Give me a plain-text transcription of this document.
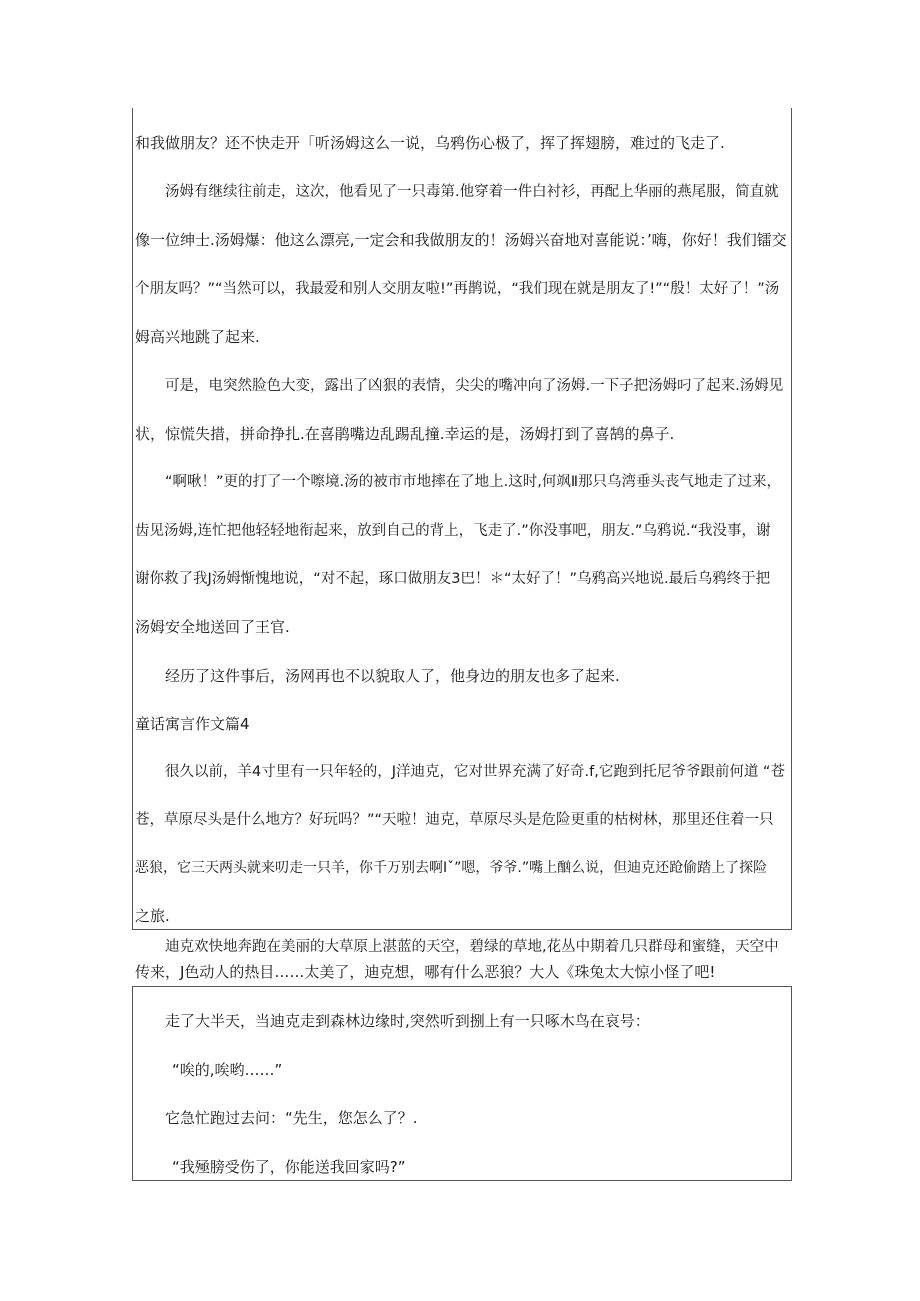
和我做朋友？还不快走开「听汤姆这么一说，乌鸦伤心极了，挥了挥翅膀，难过的飞走了.
汤姆有继续往前走，这次，他看见了一只毒第.他穿着一件白衬衫，再配上华丽的燕尾服，简直就
像一位绅士.汤姆爆：他这么漂亮,一定会和我做朋友的！汤姆兴奋地对喜能说：’嗨，你好！我们镭交
个朋友吗？”“当然可以，我最爱和别人交朋友啦!”再鹊说，“我们现在就是朋友了!”“殷！太好了！”汤
姆高兴地跳了起来.
可是，电突然脸色大变，露出了凶狠的表情，尖尖的嘴冲向了汤姆.一下子把汤姆叼了起来.汤姆见
状，惊慌失措，拼命挣扎.在喜鹃嘴边乱踢乱撞.幸运的是，汤姆打到了喜鹄的鼻子.
“啊啾！”更的打了一个嚓境.汤的被市市地摔在了地上.这时,何飒Ⅱ那只乌湾垂头丧气地走了过来，
齿见汤姆,连忙把他轻轻地衔起来，放到自己的背上，飞走了.”你没事吧，朋友.”乌鸦说.“我没事，谢
谢你救了我J汤姆惭愧地说，“对不起，琢口做朋友3巴！＊“太好了！”乌鸦高兴地说.最后乌鸦终于把
汤姆安全地送回了王官.
经历了这件事后，汤网再也不以貌取人了，他身边的朋友也多了起来.
童话寓言作文篇4
很久以前，羊4寸里有一只年轻的，J洋迪克，它对世界充满了好奇.f,它跑到托尼爷爷跟前何道 “苍
苍，草原尽头是什么地方？好玩吗？”“天啦！迪克，草原尽头是危险更重的枯树林，那里还住着一只
恶狼，它三天两头就来叨走一只羊，你千万别去啊Iˇ”嗯，爷爷.”嘴上酗么说，但迪克还跄偷踏上了探险
之旅.
迪克欢快地奔跑在美丽的大草原上湛蓝的天空，碧绿的草地,花丛中期着几只群母和蜜缝，天空中
传来，J色动人的热目……太美了，迪克想，哪有什么恶狼？大人《珠兔太大惊小怪了吧!
走了大半天，当迪克走到森林边缘时,突然听到捌上有一只啄木鸟在哀号：
“唉的,唉哟……”
它急忙跑过去问：“先生，您怎么了？.
“我殛膀受伤了，你能送我回家吗?”
